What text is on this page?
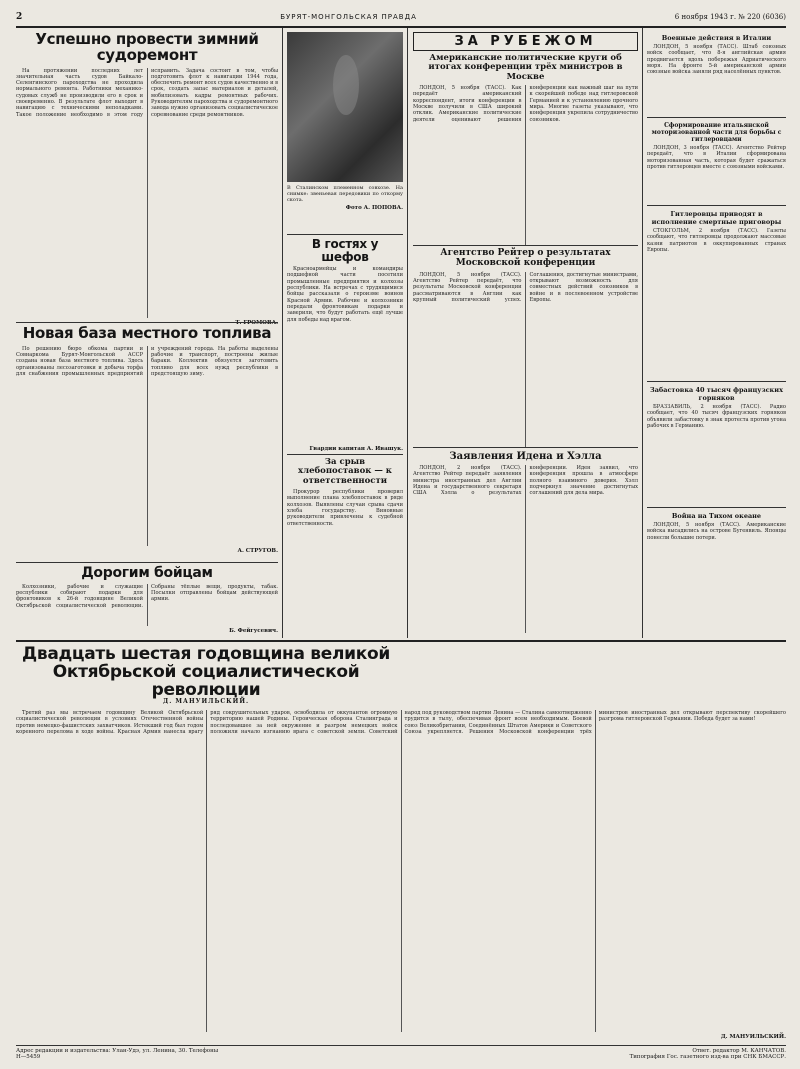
2	БУРЯТ-МОНГОЛЬСКАЯ ПРАВДА	6 ноября 1943 г. № 220 (6036)
Успешно провести зимний судоремонт

На протяжении последних лет значительная часть судов Байкало-Селенгинского пароходства не проходила нормального ремонта. Работники механико-судовых служб не производили его в срок и своевременно. В результате флот выходит в навигацию с техническими неполадками. Такое положение необходимо в этом году исправить. Задача состоит в том, чтобы подготовить флот к навигации 1944 года, обеспечить ремонт всех судов качественно и в срок, создать запас материалов и деталей, мобилизовать кадры ремонтных рабочих. Руководителям пароходства и судоремонтного завода нужно организовать социалистическое соревнование среди ремонтников.

Т. ГРОМОВА.
Новая база местного топлива

По решению бюро обкома партии и Совнаркома Бурят-Монгольской АССР создана новая база местного топлива. Здесь организованы лесозаготовки и добыча торфа для снабжения промышленных предприятий и учреждений города. На работы выделены рабочие и транспорт, построены жилые бараки. Коллектив обязуется заготовить топливо для всех нужд республики в предстоящую зиму.

А. СТРУГОВ.
Дорогим бойцам

Колхозники, рабочие и служащие республики собирают подарки для фронтовиков к 26-й годовщине Великой Октябрьской социалистической революции. Собраны тёплые вещи, продукты, табак. Посылки отправлены бойцам действующей армии.

Б. Фейгусевич.
В Сталинском племенном совхозе. На снимке: звеньевая передовики по откорму скота.
Фото А. ПОПОВА.
В гостях у шефов

Красноармейцы и командиры подшефной части посетили промышленные предприятия и колхозы республики. На встречах с трудящимися бойцы рассказали о героизме воинов Красной Армии. Рабочие и колхозники передали фронтовикам подарки и заверили, что будут работать ещё лучше для победы над врагом.

Гвардии капитан А. Ивашук.
За срыв хлебопоставок — к ответственности

Прокурор республики проверил выполнение плана хлебопоставок в ряде колхозов. Выявлены случаи срыва сдачи хлеба государству. Виновные руководители привлечены к судебной ответственности.

ЗА РУБЕЖОМ
Американские политические круги об итогах конференции трёх министров в Москве

ЛОНДОН, 5 ноября (ТАСС). Как передаёт американский корреспондент, итоги конференции в Москве получили в США широкий отклик. Американские политические деятели оценивают решения конференции как важный шаг на пути к скорейшей победе над гитлеровской Германией и к установлению прочного мира. Многие газеты указывают, что конференция укрепила сотрудничество союзников.

Агентство Рейтер о результатах Московской конференции

ЛОНДОН, 5 ноября (ТАСС). Агентство Рейтер передаёт, что результаты Московской конференции рассматриваются в Англии как крупный политический успех. Соглашения, достигнутые министрами, открывают возможность для совместных действий союзников в войне и в послевоенном устройстве Европы.

Заявления Идена и Хэлла

ЛОНДОН, 2 ноября (ТАСС). Агентство Рейтер передаёт заявления министра иностранных дел Англии Идена и государственного секретаря США Хэлла о результатах конференции. Иден заявил, что конференция прошла в атмосфере полного взаимного доверия. Хэлл подчеркнул значение достигнутых соглашений для дела мира.

Военные действия в Италии

ЛОНДОН, 5 ноября (ТАСС). Штаб союзных войск сообщает, что 8-я английская армия продвигается вдоль побережья Адриатического моря. На фронте 5-й американской армии союзные войска заняли ряд населённых пунктов.

Сформирование итальянской моторизованной части для борьбы с гитлеровцами

ЛОНДОН, 3 ноября (ТАСС). Агентство Рейтер передаёт, что в Италии сформирована моторизованная часть, которая будет сражаться против гитлеровцев вместе с союзными войсками.

Гитлеровцы приводят в исполнение смертные приговоры

СТОКГОЛЬМ, 2 ноября (ТАСС). Газеты сообщают, что гитлеровцы продолжают массовые казни патриотов в оккупированных странах Европы.

Забастовка 40 тысяч французских горняков

БРАЗЗАВИЛЬ, 2 ноября (ТАСС). Радио сообщает, что 40 тысяч французских горняков объявили забастовку в знак протеста против угона рабочих в Германию.

Война на Тихом океане

ЛОНДОН, 5 ноября (ТАСС). Американские войска высадились на острове Бугенвиль. Японцы понесли большие потери.

Двадцать шестая годовщина великой Октябрьской социалистической революции
Д. МАНУИЛЬСКИЙ.

Третий раз мы встречаем годовщину Великой Октябрьской социалистической революции в условиях Отечественной войны против немецко-фашистских захватчиков. Истекший год был годом коренного перелома в ходе войны. Красная Армия нанесла врагу ряд сокрушительных ударов, освободила от оккупантов огромную территорию нашей Родины. Героическая оборона Сталинграда и последовавшее за ней окружение и разгром немецких войск положили начало изгнанию врага с советской земли. Советский народ под руководством партии Ленина — Сталина самоотверженно трудится в тылу, обеспечивая фронт всем необходимым. Боевой союз Великобритании, Соединённых Штатов Америки и Советского Союза укрепляется. Решения Московской конференции трёх министров иностранных дел открывают перспективу скорейшего разгрома гитлеровской Германии. Победа будет за нами!

Д. МАНУИЛЬСКИЙ.
Адрес редакции и издательства: Улан-Удэ, ул. Ленина, 30. Телефоны	Ответ. редактор М. КАНЧАТОВ.
Н—5459	Типография Гос. газетного изд-ва при СНК БМАССР.
